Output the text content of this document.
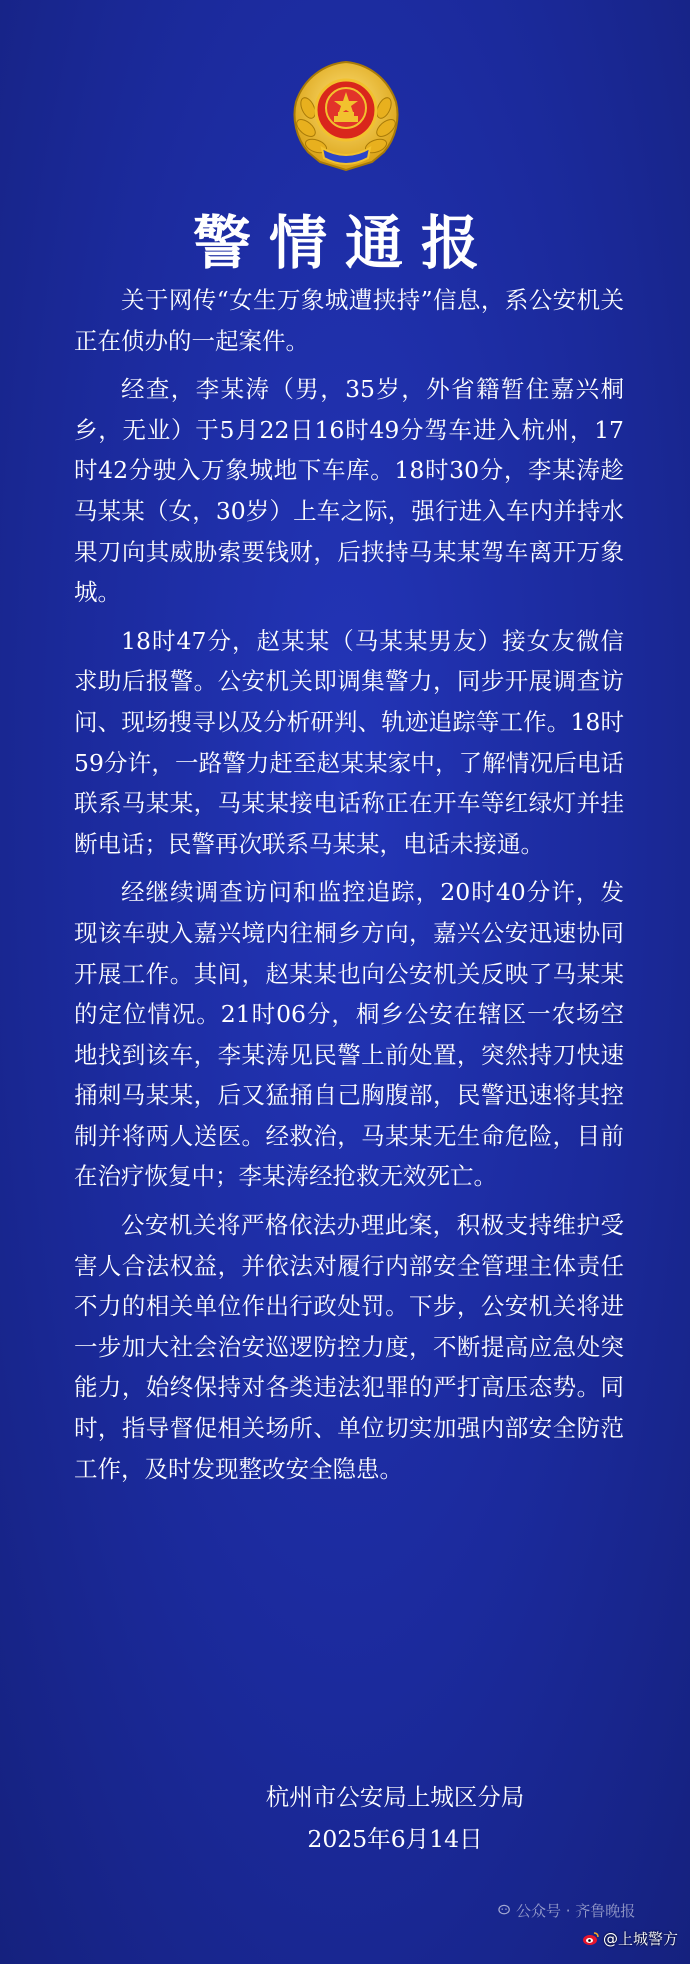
警情通报

关于网传“女生万象城遭挟持”信息，系公安机关正在侦办的一起案件。

经查，李某涛（男，35岁，外省籍暂住嘉兴桐乡，无业）于5月22日16时49分驾车进入杭州，17时42分驶入万象城地下车库。18时30分，李某涛趁马某某（女，30岁）上车之际，强行进入车内并持水果刀向其威胁索要钱财，后挟持马某某驾车离开万象城。

18时47分，赵某某（马某某男友）接女友微信求助后报警。公安机关即调集警力，同步开展调查访问、现场搜寻以及分析研判、轨迹追踪等工作。18时59分许，一路警力赶至赵某某家中，了解情况后电话联系马某某，马某某接电话称正在开车等红绿灯并挂断电话；民警再次联系马某某，电话未接通。

经继续调查访问和监控追踪，20时40分许，发现该车驶入嘉兴境内往桐乡方向，嘉兴公安迅速协同开展工作。其间，赵某某也向公安机关反映了马某某的定位情况。21时06分，桐乡公安在辖区一农场空地找到该车，李某涛见民警上前处置，突然持刀快速捅刺马某某，后又猛捅自己胸腹部，民警迅速将其控制并将两人送医。经救治，马某某无生命危险，目前在治疗恢复中；李某涛经抢救无效死亡。

公安机关将严格依法办理此案，积极支持维护受害人合法权益，并依法对履行内部安全管理主体责任不力的相关单位作出行政处罚。下步，公安机关将进一步加大社会治安巡逻防控力度，不断提高应急处突能力，始终保持对各类违法犯罪的严打高压态势。同时，指导督促相关场所、单位切实加强内部安全防范工作，及时发现整改安全隐患。

杭州市公安局上城区分局
2025年6月14日
公众号 · 齐鲁晚报
@上城警方
